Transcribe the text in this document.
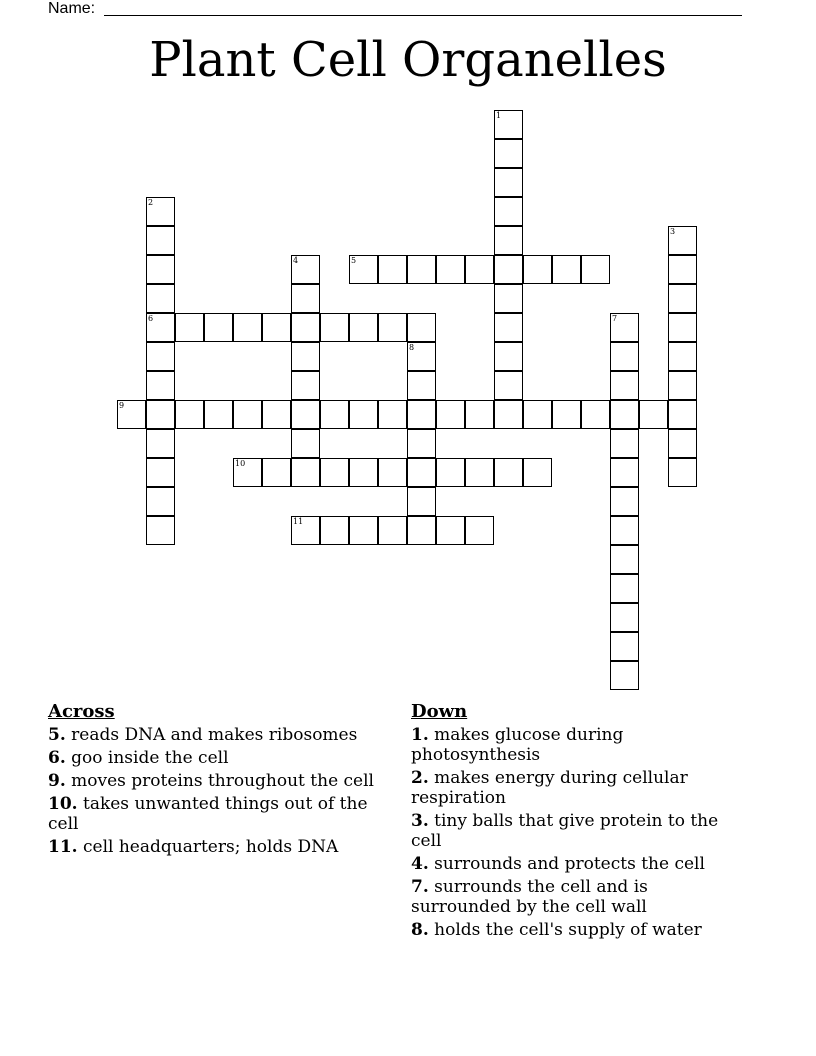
Name:
Plant Cell Organelles
1
2
6
3
4	5
7
8
9
10
11
Across
5. reads DNA and makes ribosomes
6. goo inside the cell
9. moves proteins throughout the cell
10. takes unwanted things out of the cell
11. cell headquarters; holds DNA
Down
1. makes glucose during photosynthesis
2. makes energy during cellular respiration
3. tiny balls that give protein to the cell
4. surrounds and protects the cell
7. surrounds the cell and is surrounded by the cell wall
8. holds the cell's supply of water
